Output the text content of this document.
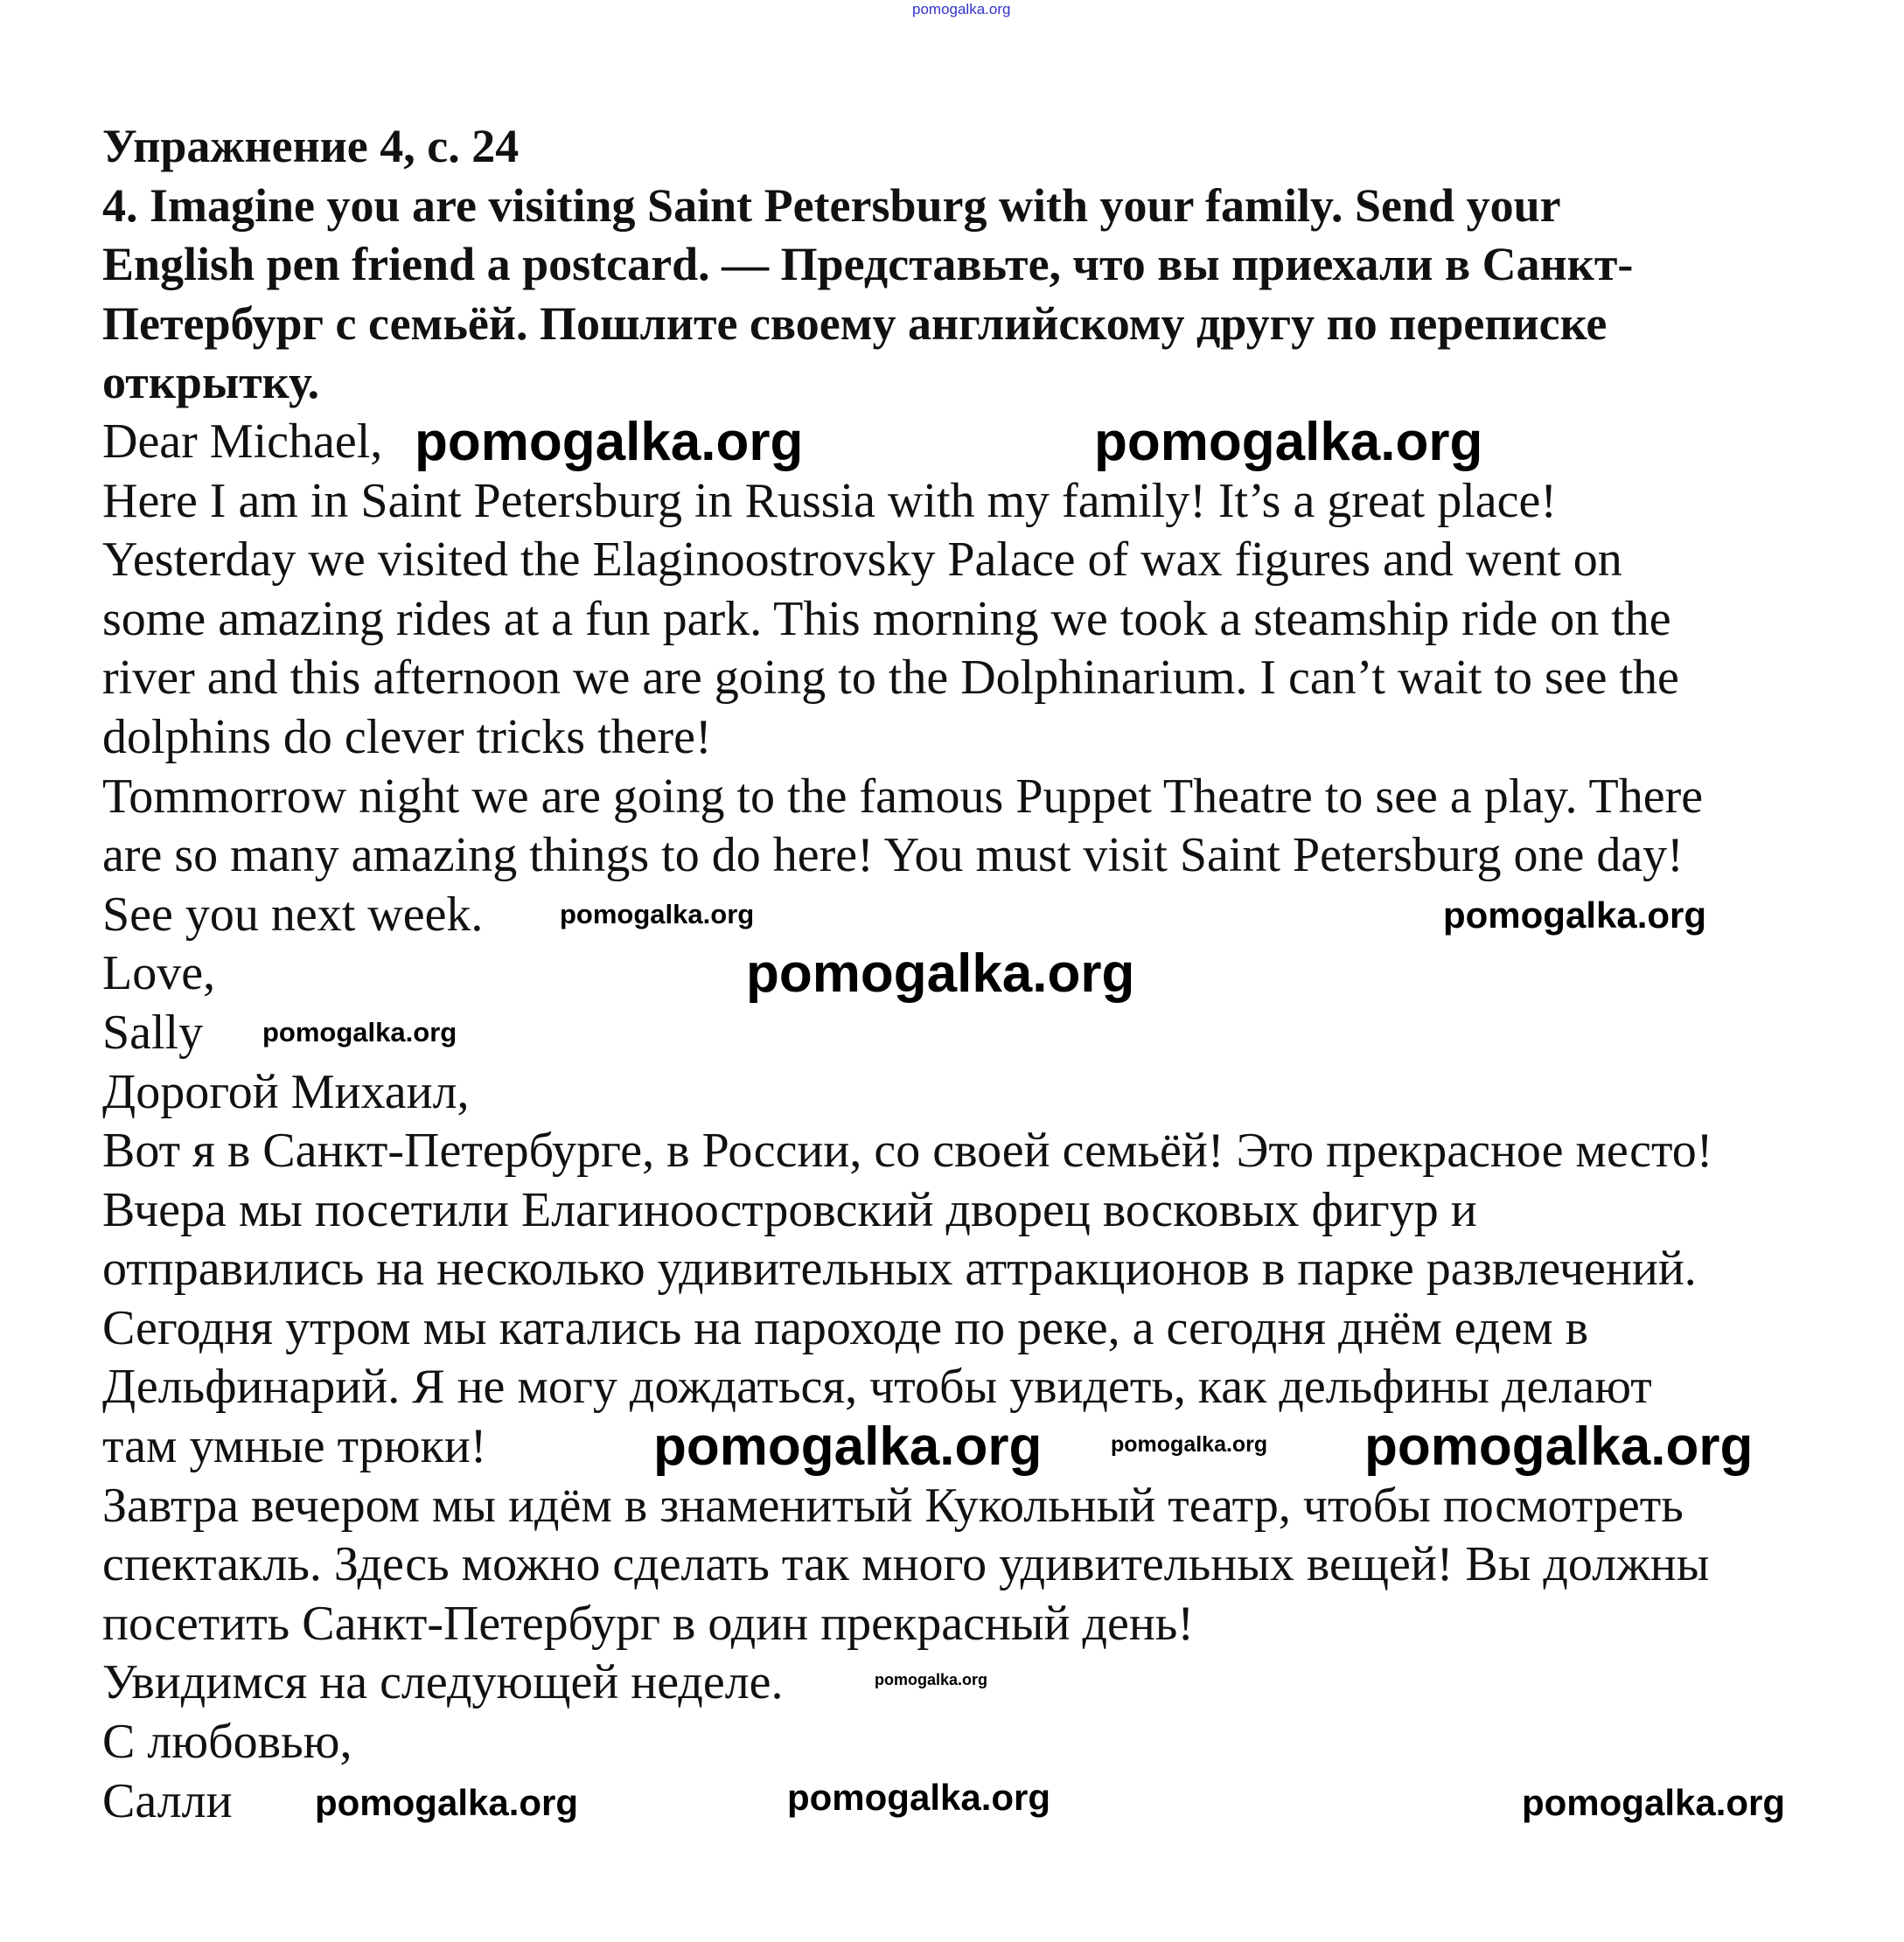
Упражнение 4, с. 24
4. Imagine you are visiting Saint Petersburg with your family. Send your
English pen friend a postcard. — Представьте, что вы приехали в Санкт-
Петербург с семьёй. Пошлите своему английскому другу по переписке
открытку.
Dear Michael,
Here I am in Saint Petersburg in Russia with my family! It’s a great place!
Yesterday we visited the Elaginoostrovsky Palace of wax figures and went on
some amazing rides at a fun park. This morning we took a steamship ride on the
river and this afternoon we are going to the Dolphinarium. I can’t wait to see the
dolphins do clever tricks there!
Tommorrow night we are going to the famous Puppet Theatre to see a play. There
are so many amazing things to do here! You must visit Saint Petersburg one day!
See you next week.
Love,
Sally
Дорогой Михаил,
Вот я в Санкт-Петербурге, в России, со своей семьёй! Это прекрасное место!
Вчера мы посетили Елагиноостровский дворец восковых фигур и
отправились на несколько удивительных аттракционов в парке развлечений.
Сегодня утром мы катались на пароходе по реке, а сегодня днём едем в
Дельфинарий. Я не могу дождаться, чтобы увидеть, как дельфины делают
там умные трюки!
Завтра вечером мы идём в знаменитый Кукольный театр, чтобы посмотреть
спектакль. Здесь можно сделать так много удивительных вещей! Вы должны
посетить Санкт-Петербург в один прекрасный день!
Увидимся на следующей неделе.
С любовью,
Салли
pomogalka.org
pomogalka.org	pomogalka.org
pomogalka.org	pomogalka.org
pomogalka.org
pomogalka.org
pomogalka.org
pomogalka.org	pomogalka.org
pomogalka.org
pomogalka.org	pomogalka.org	pomogalka.org
